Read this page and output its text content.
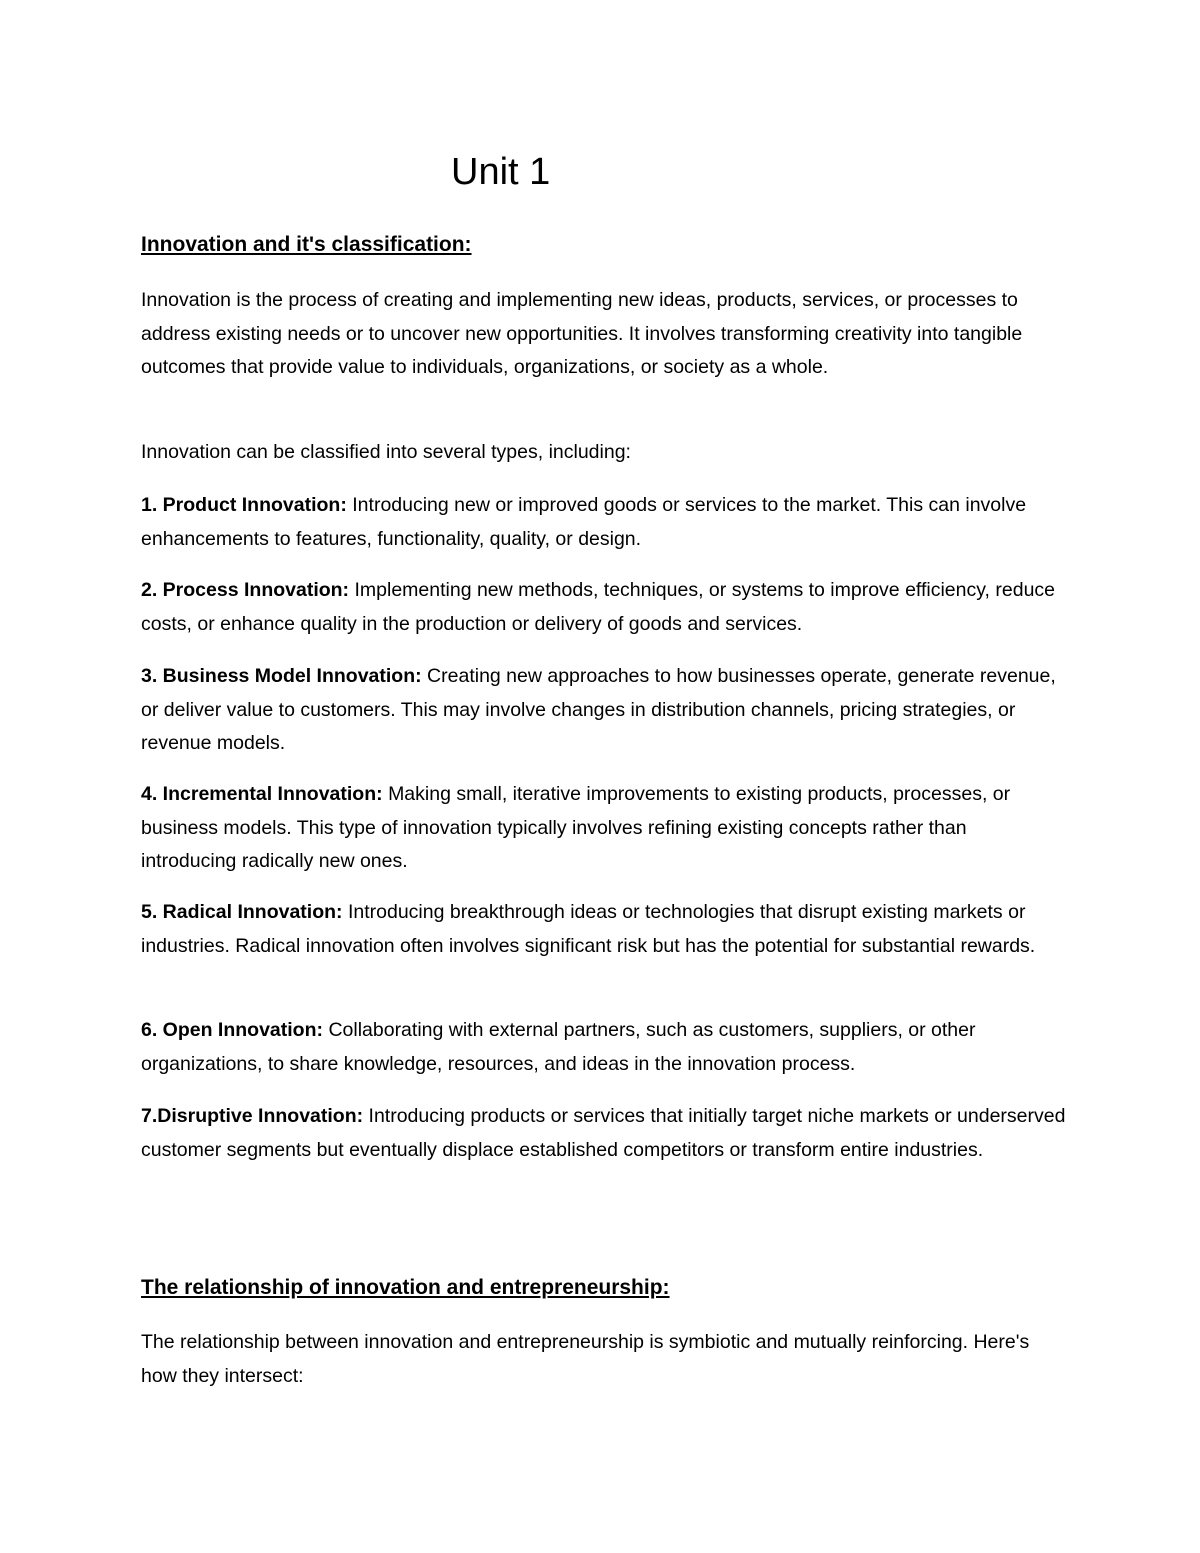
Unit 1
Innovation and it's classification:

Innovation is the process of creating and implementing new ideas, products, services, or processes to address existing needs or to uncover new opportunities. It involves transforming creativity into tangible outcomes that provide value to individuals, organizations, or society as a whole.

Innovation can be classified into several types, including:

1. Product Innovation: Introducing new or improved goods or services to the market. This can involve enhancements to features, functionality, quality, or design.

2. Process Innovation: Implementing new methods, techniques, or systems to improve efficiency, reduce costs, or enhance quality in the production or delivery of goods and services.

3. Business Model Innovation: Creating new approaches to how businesses operate, generate revenue, or deliver value to customers. This may involve changes in distribution channels, pricing strategies, or revenue models.

4. Incremental Innovation: Making small, iterative improvements to existing products, processes, or business models. This type of innovation typically involves refining existing concepts rather than introducing radically new ones.

5. Radical Innovation: Introducing breakthrough ideas or technologies that disrupt existing markets or industries. Radical innovation often involves significant risk but has the potential for substantial rewards.

6. Open Innovation: Collaborating with external partners, such as customers, suppliers, or other organizations, to share knowledge, resources, and ideas in the innovation process.

7.Disruptive Innovation: Introducing products or services that initially target niche markets or underserved customer segments but eventually displace established competitors or transform entire industries.

The relationship of innovation and entrepreneurship:

The relationship between innovation and entrepreneurship is symbiotic and mutually reinforcing. Here's how they intersect:
